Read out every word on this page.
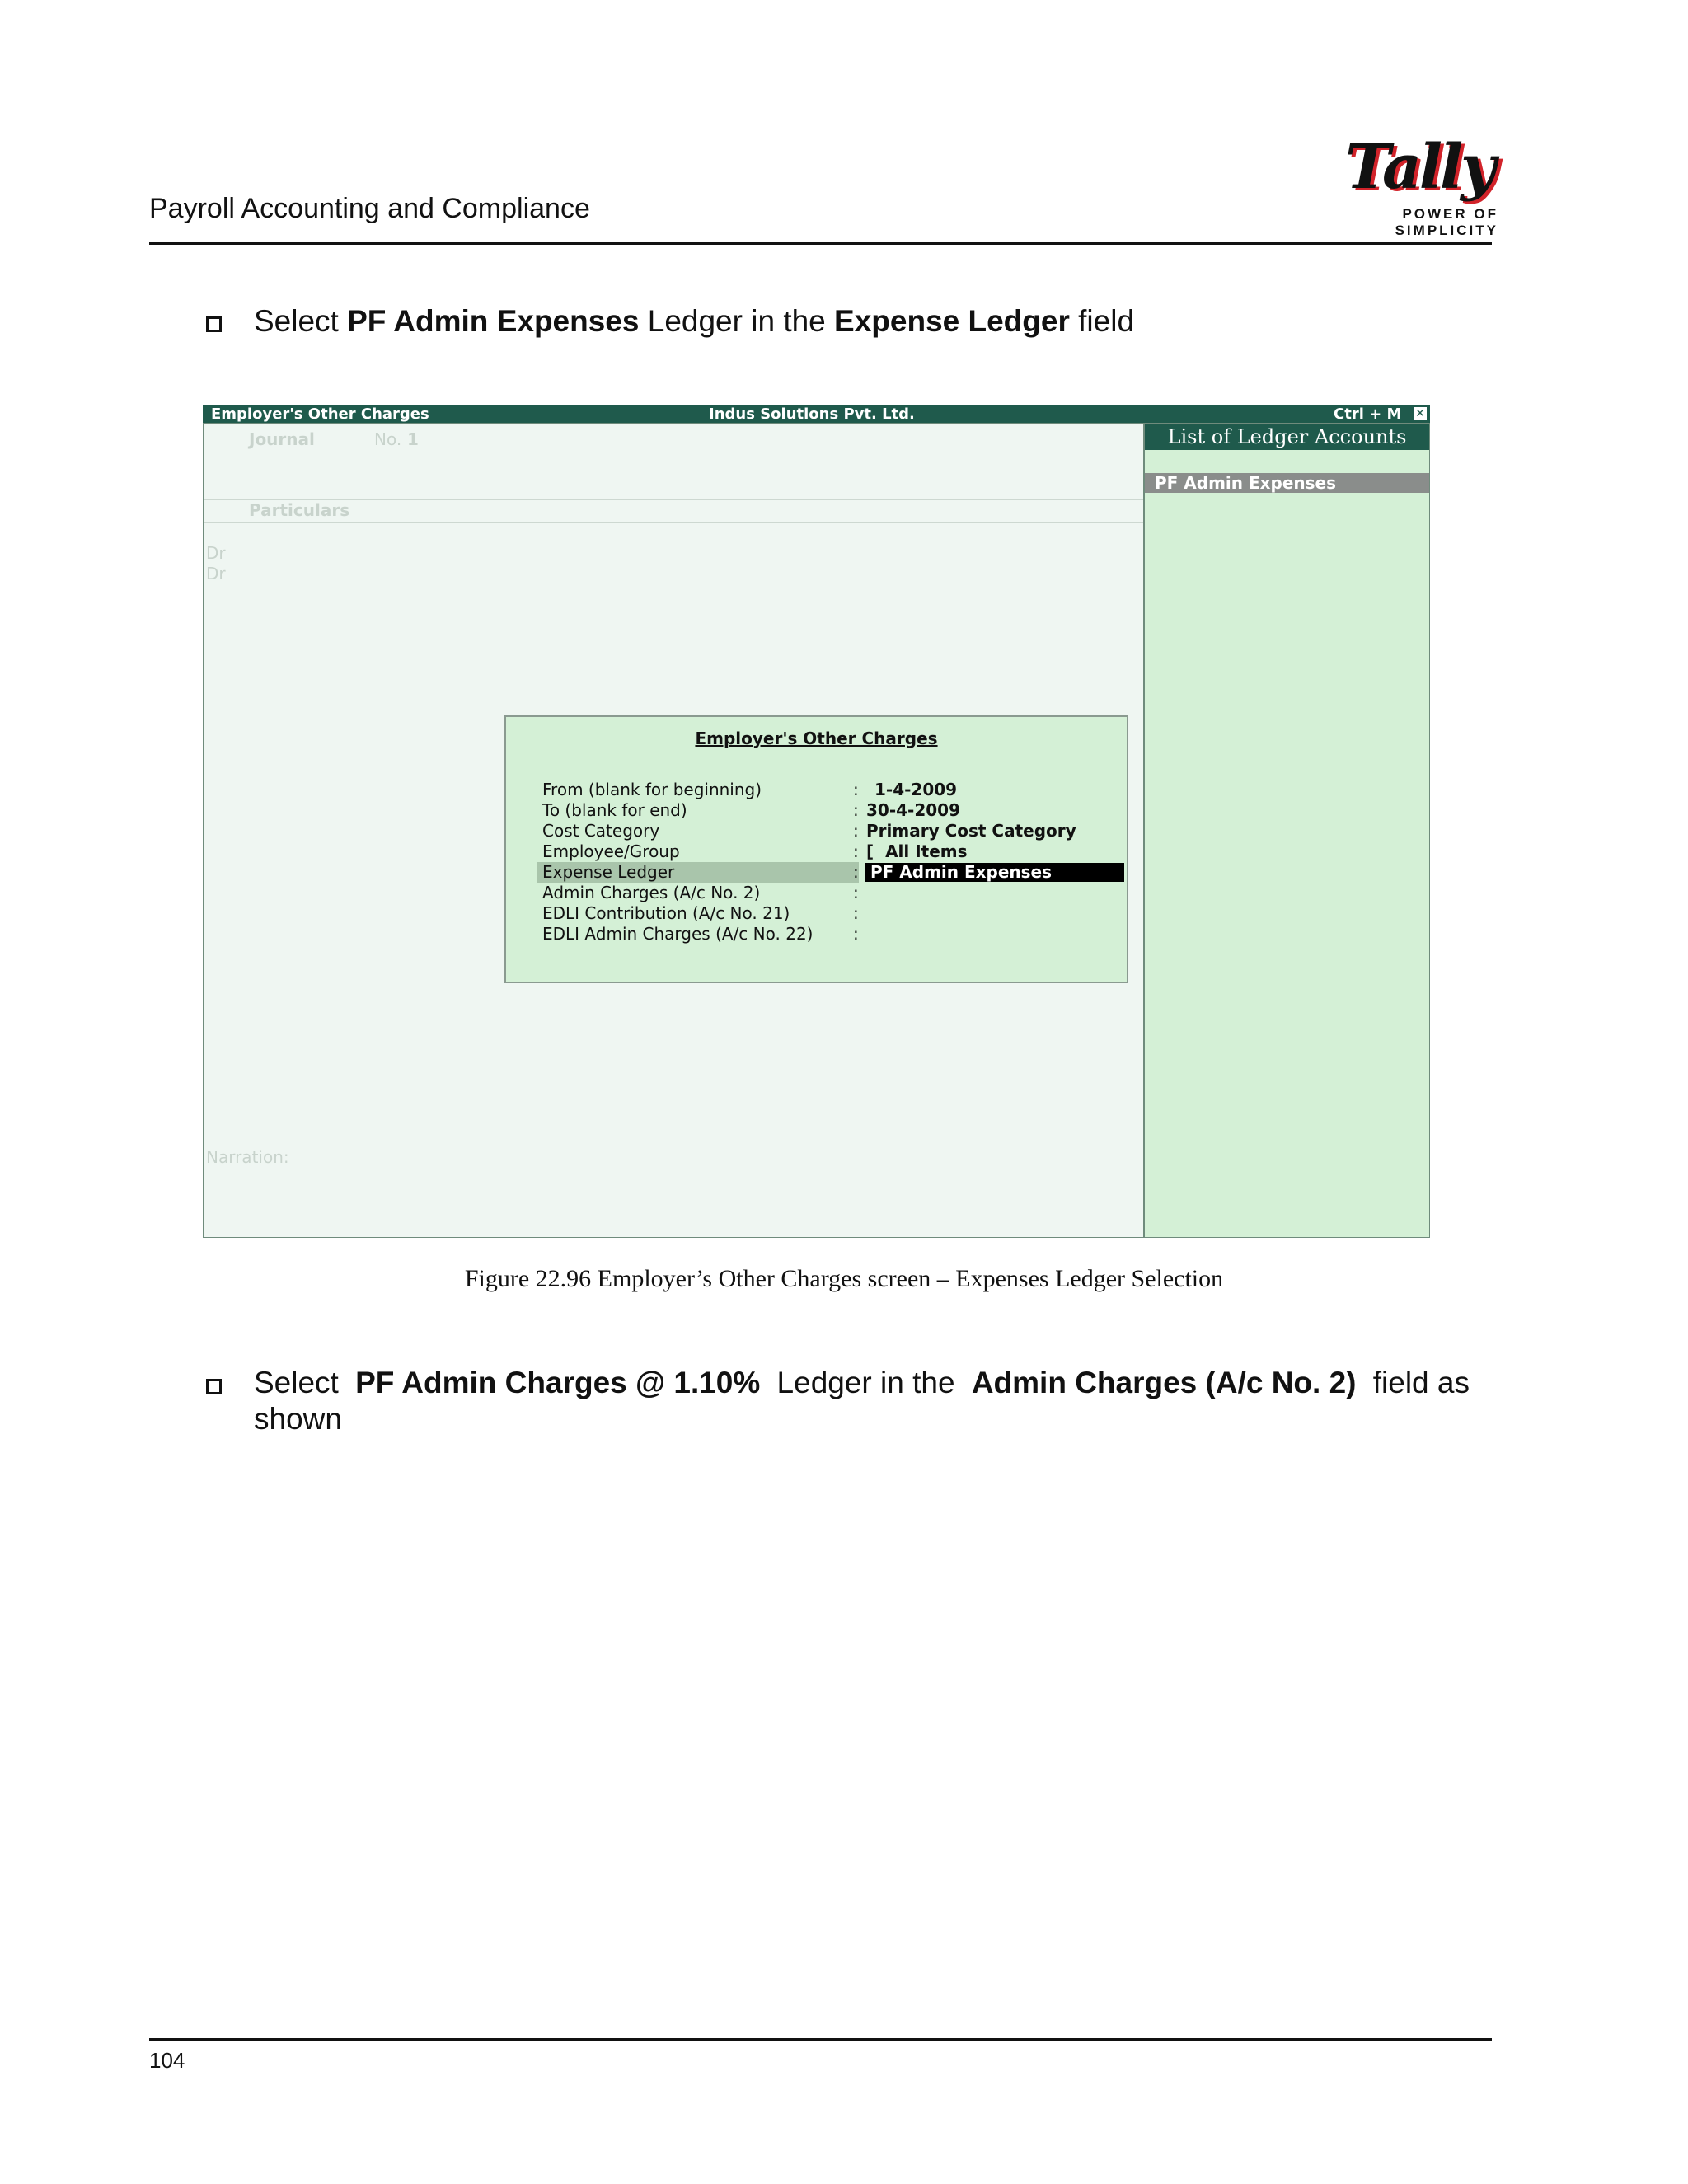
Payroll Accounting and Compliance
Tally
POWER OF SIMPLICITY
Select PF Admin Expenses Ledger in the Expense Ledger field
Employer's Other Charges	Indus Solutions Pvt. Ltd.	Ctrl + M ✕
Journal	No. 1
Particulars
Dr
Dr
Narration:
Employer's Other Charges
From (blank for beginning)	: 1-4-2009
To (blank for end)	: 30-4-2009
Cost Category	: Primary Cost Category
Employee/Group	: [  All Items
Expense Ledger	: PF Admin Expenses
Admin Charges (A/c No. 2)	:
EDLI Contribution (A/c No. 21)	:
EDLI Admin Charges (A/c No. 22)	:
List of Ledger Accounts
PF Admin Expenses
Figure 22.96 Employer’s Other Charges screen – Expenses Ledger Selection
Select PF Admin Charges @ 1.10% Ledger in the Admin Charges (A/c No. 2) field as
shown
104
